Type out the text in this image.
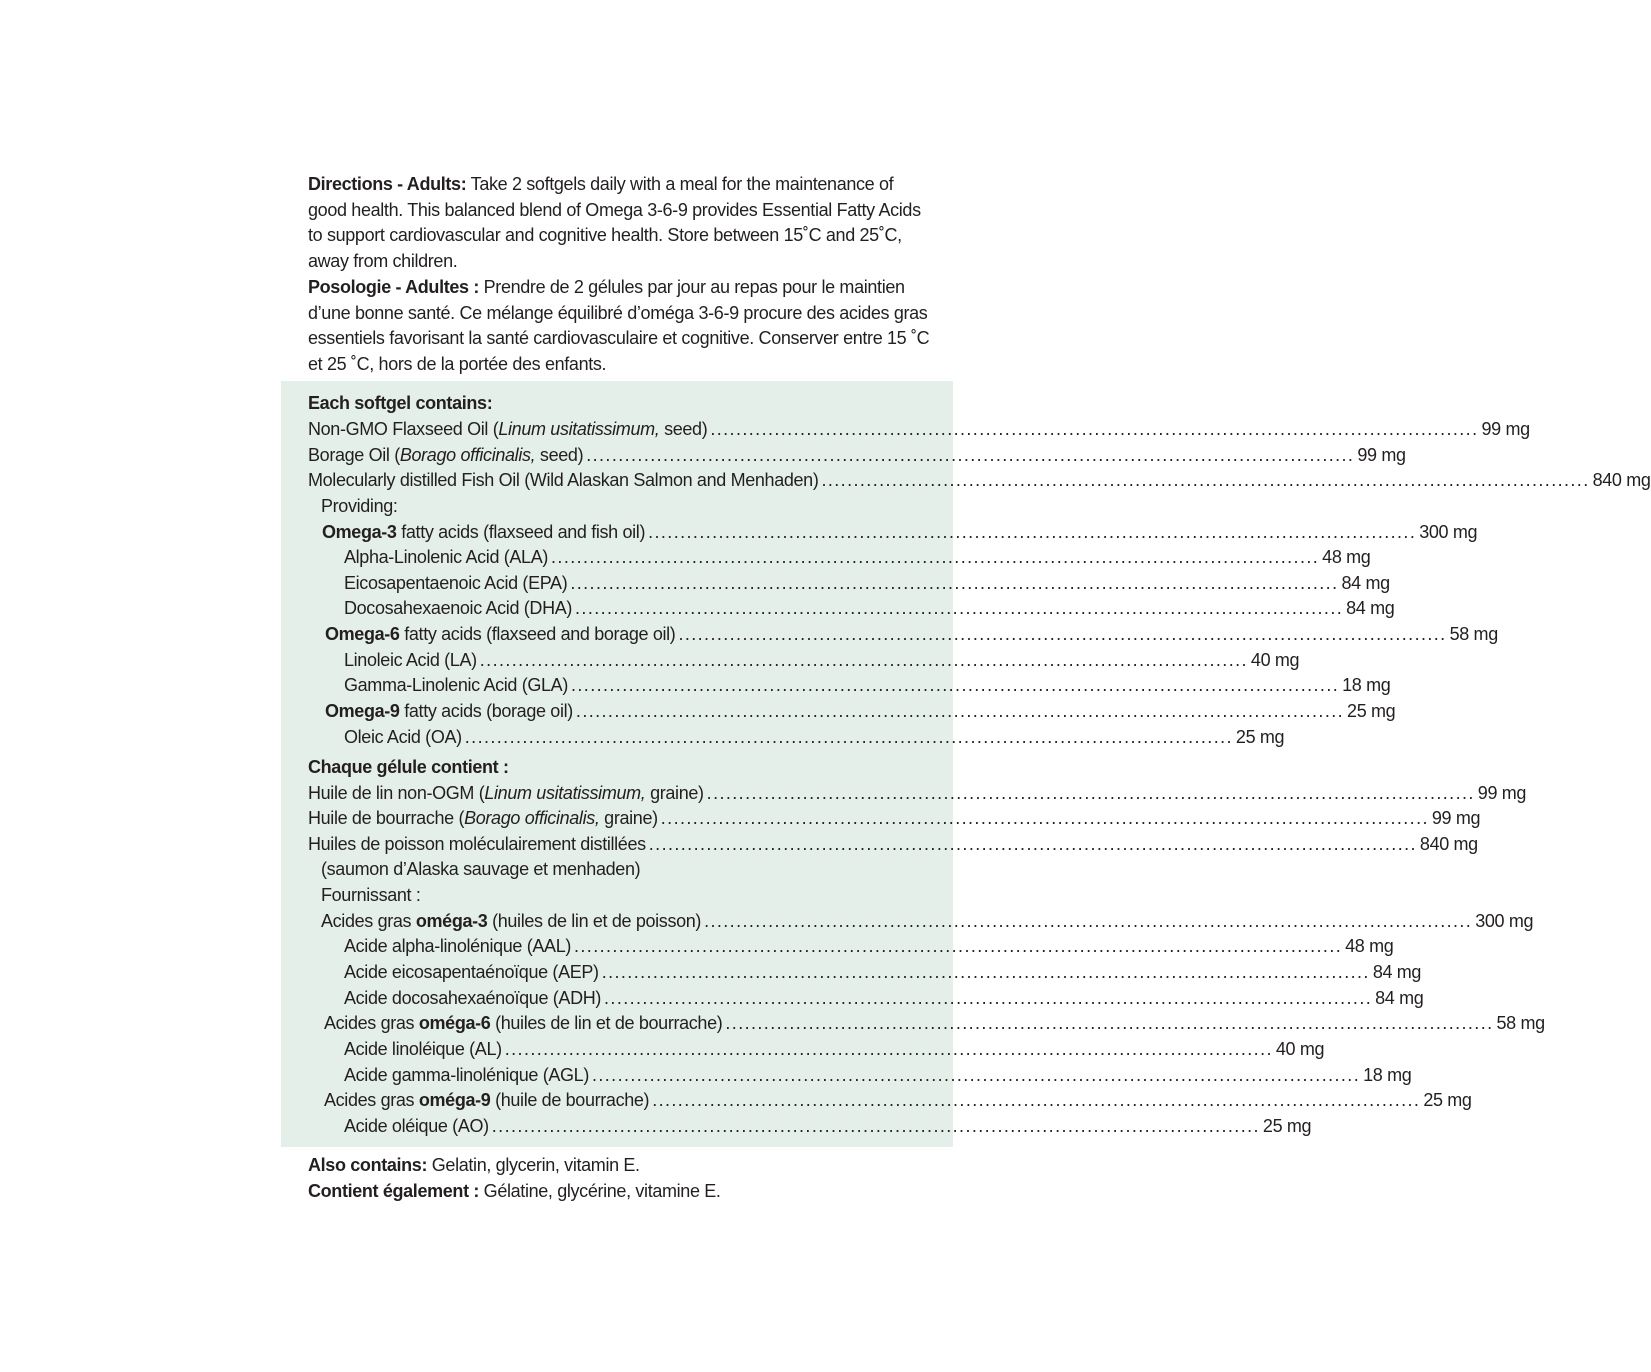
Directions - Adults: Take 2 softgels daily with a meal for the maintenance of good health. This balanced blend of Omega 3-6-9 provides Essential Fatty Acids to support cardiovascular and cognitive health. Store between 15˚C and 25˚C, away from children.

Posologie - Adultes : Prendre de 2 gélules par jour au repas pour le maintien d’une bonne santé. Ce mélange équilibré d’oméga 3-6-9 procure des acides gras essentiels favorisant la santé cardiovasculaire et cognitive. Conserver entre 15 ˚C et 25 ˚C, hors de la portée des enfants.

Each softgel contains:
Non-GMO Flaxseed Oil (Linum usitatissimum, seed) ........................................................................................................................ 99 mg
Borage Oil (Borago officinalis, seed) ........................................................................................................................ 99 mg
Molecularly distilled Fish Oil (Wild Alaskan Salmon and Menhaden) ........................................................................................................................ 840 mg
Providing:
Omega-3 fatty acids (flaxseed and fish oil) ........................................................................................................................ 300 mg
Alpha-Linolenic Acid (ALA) ........................................................................................................................ 48 mg
Eicosapentaenoic Acid (EPA) ........................................................................................................................ 84 mg
Docosahexaenoic Acid (DHA) ........................................................................................................................ 84 mg
Omega-6 fatty acids (flaxseed and borage oil) ........................................................................................................................ 58 mg
Linoleic Acid (LA) ........................................................................................................................ 40 mg
Gamma-Linolenic Acid (GLA) ........................................................................................................................ 18 mg
Omega-9 fatty acids (borage oil) ........................................................................................................................ 25 mg
Oleic Acid (OA) ........................................................................................................................ 25 mg
Chaque gélule contient :
Huile de lin non-OGM (Linum usitatissimum, graine) ........................................................................................................................ 99 mg
Huile de bourrache (Borago officinalis, graine) ........................................................................................................................ 99 mg
Huiles de poisson moléculairement distillées ........................................................................................................................ 840 mg
(saumon d’Alaska sauvage et menhaden)
Fournissant :
Acides gras oméga-3 (huiles de lin et de poisson) ........................................................................................................................ 300 mg
Acide alpha-linolénique (AAL) ........................................................................................................................ 48 mg
Acide eicosapentaénoïque (AEP) ........................................................................................................................ 84 mg
Acide docosahexaénoïque (ADH) ........................................................................................................................ 84 mg
Acides gras oméga-6 (huiles de lin et de bourrache) ........................................................................................................................ 58 mg
Acide linoléique (AL) ........................................................................................................................ 40 mg
Acide gamma-linolénique (AGL) ........................................................................................................................ 18 mg
Acides gras oméga-9 (huile de bourrache) ........................................................................................................................ 25 mg
Acide oléique (AO) ........................................................................................................................ 25 mg

Also contains: Gelatin, glycerin, vitamin E.

Contient également : Gélatine, glycérine, vitamine E.
